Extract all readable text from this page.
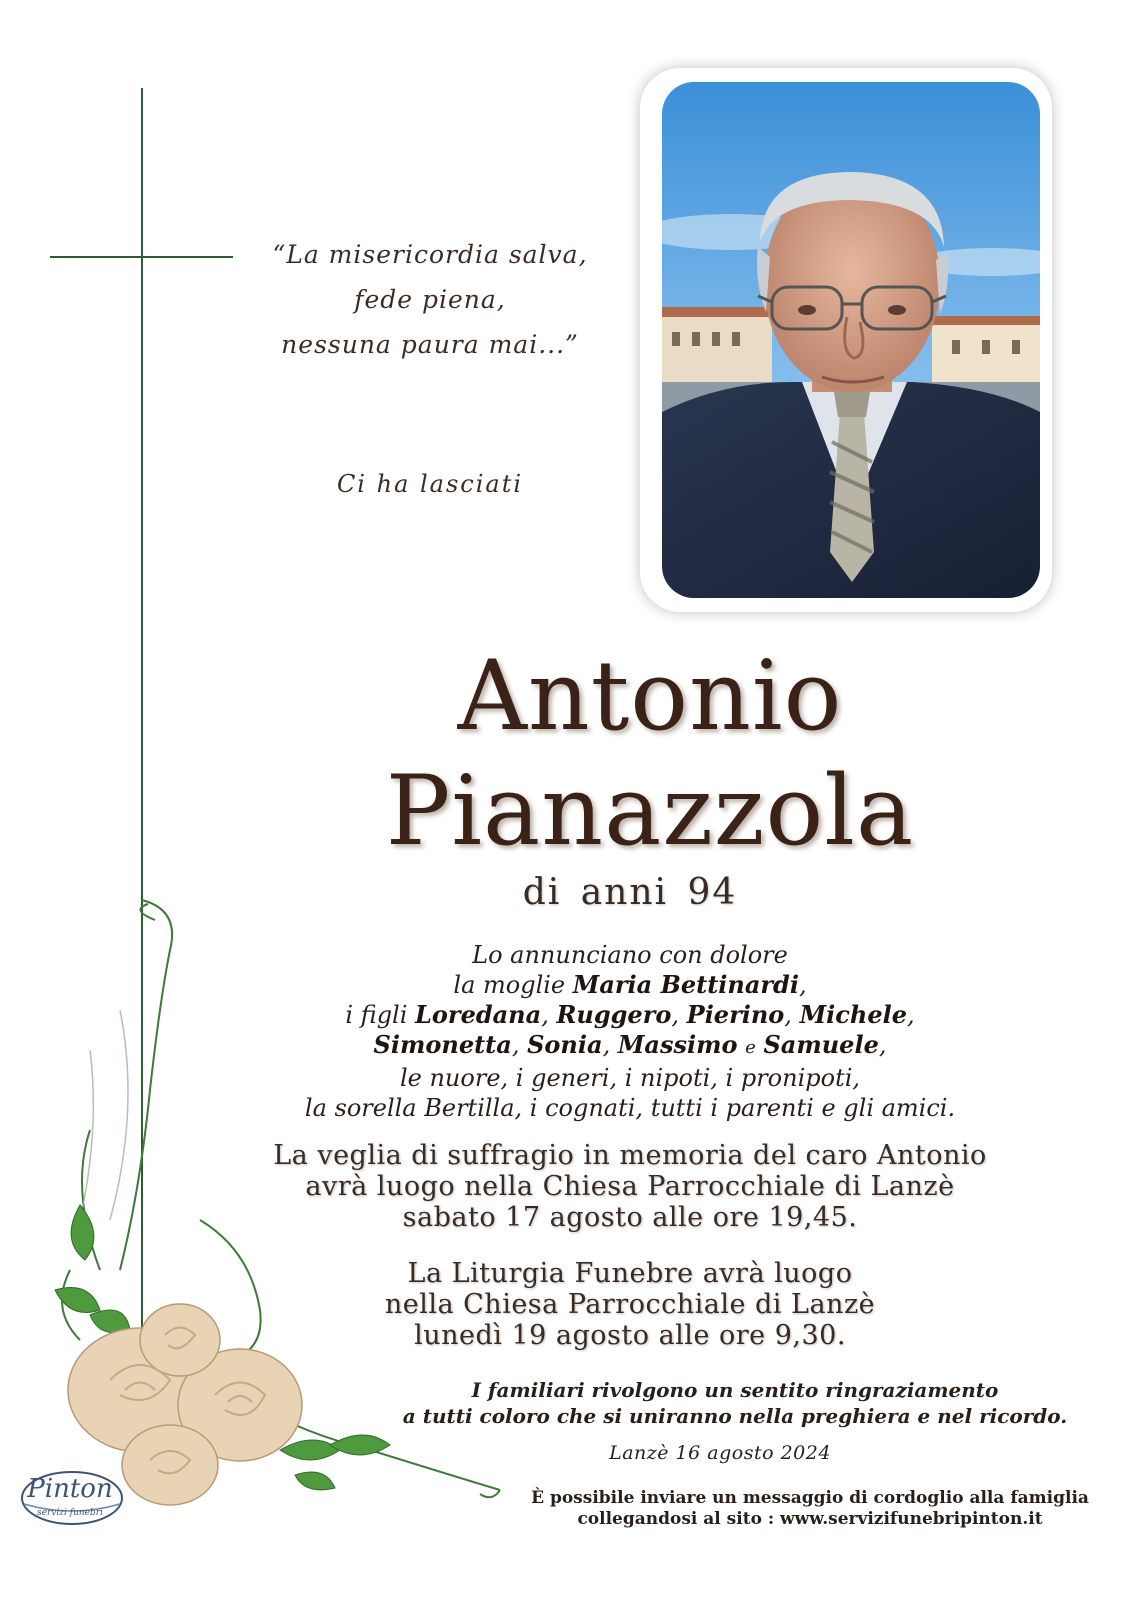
“La misericordia salva,
fede piena,
nessuna paura mai...”
Ci ha lasciati
Antonio
Pianazzola
di anni 94
Lo annunciano con dolore
la moglie Maria Bettinardi,
i figli Loredana, Ruggero, Pierino, Michele,
Simonetta, Sonia, Massimo e Samuele,
le nuore, i generi, i nipoti, i pronipoti,
la sorella Bertilla, i cognati, tutti i parenti e gli amici.
La veglia di suffragio in memoria del caro Antonio
avrà luogo nella Chiesa Parrocchiale di Lanzè
sabato 17 agosto alle ore 19,45.
La Liturgia Funebre avrà luogo
nella Chiesa Parrocchiale di Lanzè
lunedì 19 agosto alle ore 9,30.
I familiari rivolgono un sentito ringraziamento
a tutti coloro che si uniranno nella preghiera e nel ricordo.
Lanzè 16 agosto 2024
È possibile inviare un messaggio di cordoglio alla famiglia
collegandosi al sito : www.servizifunebripinton.it
Pinton
servizi funebri
